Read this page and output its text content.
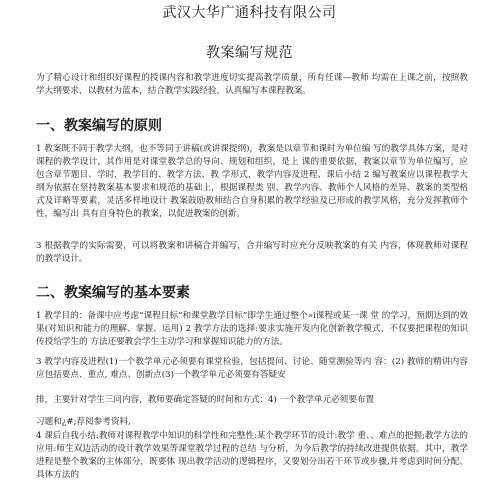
武汉大华广通科技有限公司
教案编写规范

为了精心设计和组织好课程的授课内容和教学进度切实提高教学质量，所有任课—教师 均需在上课之前，按照教学大纲要求，以教材为蓝本，结合教学实践经验，认真编写本课程教案。

一、教案编写的原则

1 教案既不同于教学大纲，也不等同于讲稿(或讲课提纲)，教案是以章节和课时为单位编 写的教学具体方案，是对课程的教学设计，其作用是对课堂教学总的导向、规划和组织，是上 课的重要依据，教案以章节为单位编写，应包含章节题目、学时，教学目的、教学方法、教 学形式，教学内容及进程、课后小结 2 编写教案应以课程教学大纲为依据在坚持教案基本要求和规范的基础上，根据课程类 别、教学内容、教师个人风格的差异、教案的类型格式及详略等要素，灵活多样地设计 教案鼓励教师结合自身积累的教学经验及已形成的教学风格，充分发挥教师个性，编写出 具有自身特色的教案，以促进教案的创新。

3 根据教学的实际需要，可以将教案和讲稿合并编写，合并编写时应充分反映教案的有关 内容，体现教师对课程的教学设计。

二、教案编写的基本要素

1 教学目的：备课中应考虑“课程目标”和课堂教学目标”即学生通过整个»i课程或某一课 堂 的学习，预期达到的效果(对知识和能力的理解、掌握、运用) 2 教学方法的选择:要求实施开发内化创新教学模式，不仅要把课程的知识传授给学生的 方法还要教会学生主动学习和掌握知识能力的方法。

3 教学内容及进程(1)一个教学单元必须要有课堂检验，包括提问、讨论、随堂测验等内 容：(2) 教师的精讲内容应包括要点、重点, 难点、创新点(3)一个教学单元必须要有答疑安

排，主要针对学生三问内容，教师要确定答疑的时间和方式：4) 一个教学单元必须要布置

习题和¿#;荐阅参考资料,

4 课后自我小结:教师对课程教学中知识的科学性和完整性:某个教学环节的设计:教学 重、、难点的把握;教学方法的应用:师生双边活动的设计教学效果等课堂教学过程的总结 与分析，为今后教学的持续改进提供依据。其中，教学进程是整个教案的主体部分，既要体 现出教学活动的逻辑程序，又要划分出若干环节或步骤,并考虑到时间分配、具体方法的
